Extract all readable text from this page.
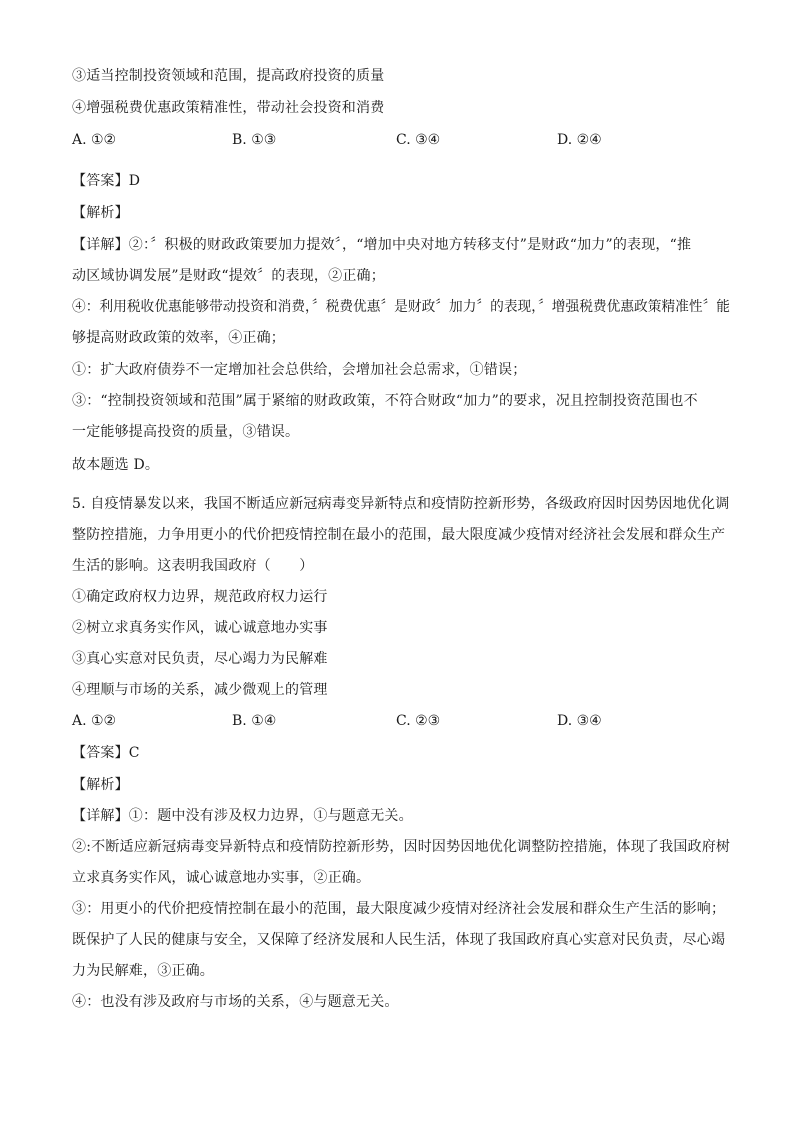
③适当控制投资领域和范围，提高政府投资的质量
④增强税费优惠政策精准性，带动社会投资和消费
A. ①②	B. ①③	C. ③④	D. ②④
【答案】D
【解析】
【详解】②：〞积极的财政政策要加力提效〞，“增加中央对地方转移支付”是财政“加力”的表现，“推
动区域协调发展”是财政“提效〞的表现，②正确；
④：利用税收优惠能够带动投资和消费，〞税费优惠〞是财政〞加力〞的表现，〞增强税费优惠政策精准性〞能
够提高财政政策的效率，④正确；
①：扩大政府债券不一定增加社会总供给，会增加社会总需求，①错误；
③：“控制投资领域和范围”属于紧缩的财政政策，不符合财政“加力”的要求，况且控制投资范围也不
一定能够提高投资的质量，③错误。
故本题选 D。
5. 自疫情暴发以来，我国不断适应新冠病毒变异新特点和疫情防控新形势，各级政府因时因势因地优化调
整防控措施，力争用更小的代价把疫情控制在最小的范围，最大限度减少疫情对经济社会发展和群众生产
生活的影响。这表明我国政府（　　）
①确定政府权力边界，规范政府权力运行
②树立求真务实作风，诚心诚意地办实事
③真心实意对民负责，尽心竭力为民解难
④理顺与市场的关系，减少微观上的管理
A. ①②	B. ①④	C. ②③	D. ③④
【答案】C
【解析】
【详解】①：题中没有涉及权力边界，①与题意无关。
②:不断适应新冠病毒变异新特点和疫情防控新形势，因时因势因地优化调整防控措施，体现了我国政府树
立求真务实作风，诚心诚意地办实事，②正确。
③：用更小的代价把疫情控制在最小的范围，最大限度减少疫情对经济社会发展和群众生产生活的影响；
既保护了人民的健康与安全，又保障了经济发展和人民生活，体现了我国政府真心实意对民负责，尽心竭
力为民解难，③正确。
④：也没有涉及政府与市场的关系，④与题意无关。
